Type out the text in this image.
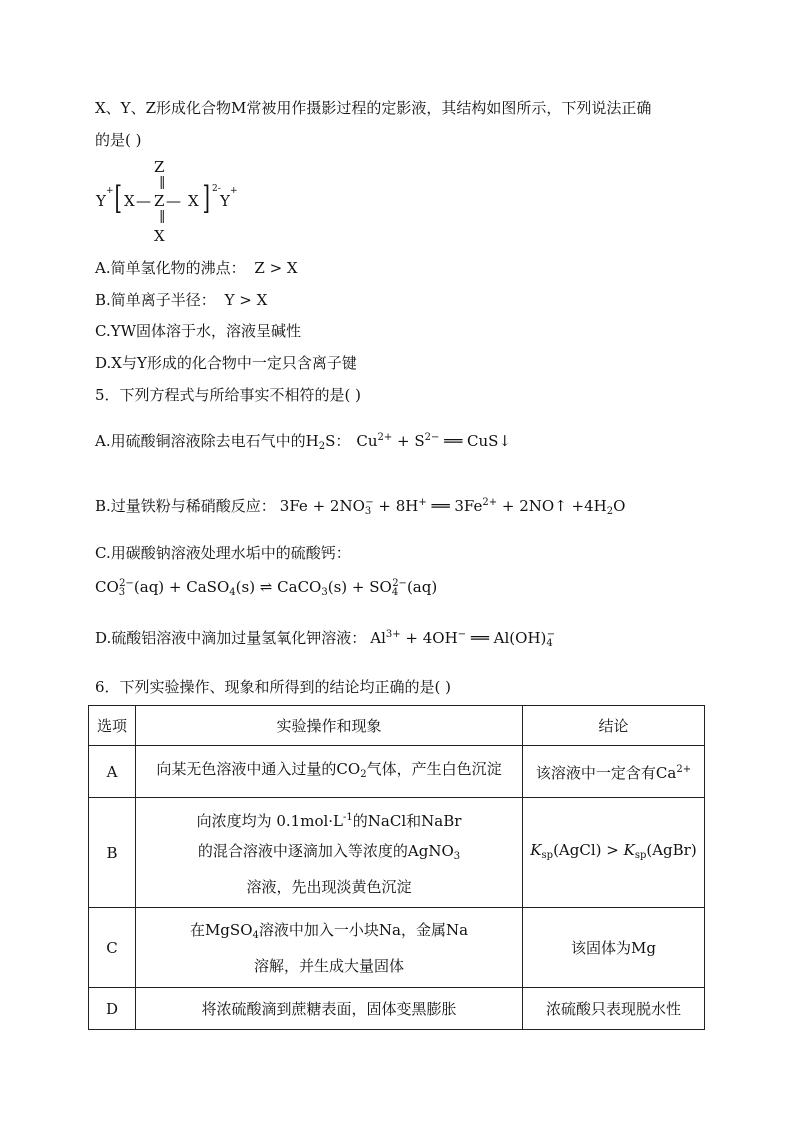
X、Y、Z形成化合物M常被用作摄影过程的定影液，其结构如图所示，下列说法正确
的是( )
Y
+ [ X — Z
Z
‖
‖
X
— X ] 2-
Y
+
A.简单氢化物的沸点： Z > X
B.简单离子半径： Y > X
C.YW固体溶于水，溶液呈碱性
D.X与Y形成的化合物中一定只含离子键
5．下列方程式与所给事实不相符的是( )
A.用硫酸铜溶液除去电石气中的$H_2S$： $Cu^{2+} + S^{2-}$ ══ CuS↓
B.过量铁粉与稀硝酸反应： $3Fe + 2NO_3^- + 8H^+$ ══ $3Fe^{2+}$ + 2NO↑ $+4H_2O$
C.用碳酸钠溶液处理水垢中的硫酸钙：
$CO_3^{2-}(aq)$ + CaSO$_4$(s) ⇌ CaCO$_3$(s) + $SO_4^{2-}(aq)$
D.硫酸铝溶液中滴加过量氢氧化钾溶液： $Al^{3+} + 4OH^-$ ══ $Al(OH)_4^-$
6．下列实验操作、现象和所得到的结论均正确的是( )
选项	实验操作和现象	结论
A	向某无色溶液中通入过量的$CO_2$气体，产生白色沉淀	该溶液中一定含有$Ca^{2+}$
B	向浓度均为 $0.1mol\cdot L^{-1}$的NaCl和NaBr
的混合溶液中逐滴加入等浓度的AgNO$_3$
溶液，先出现淡黄色沉淀	$K_{sp}(AgCl)$ > $K_{sp}(AgBr)$
C	在MgSO$_4$溶液中加入一小块Na，金属Na
溶解，并生成大量固体	该固体为Mg
D	将浓硫酸滴到蔗糖表面，固体变黑膨胀	浓硫酸只表现脱水性
